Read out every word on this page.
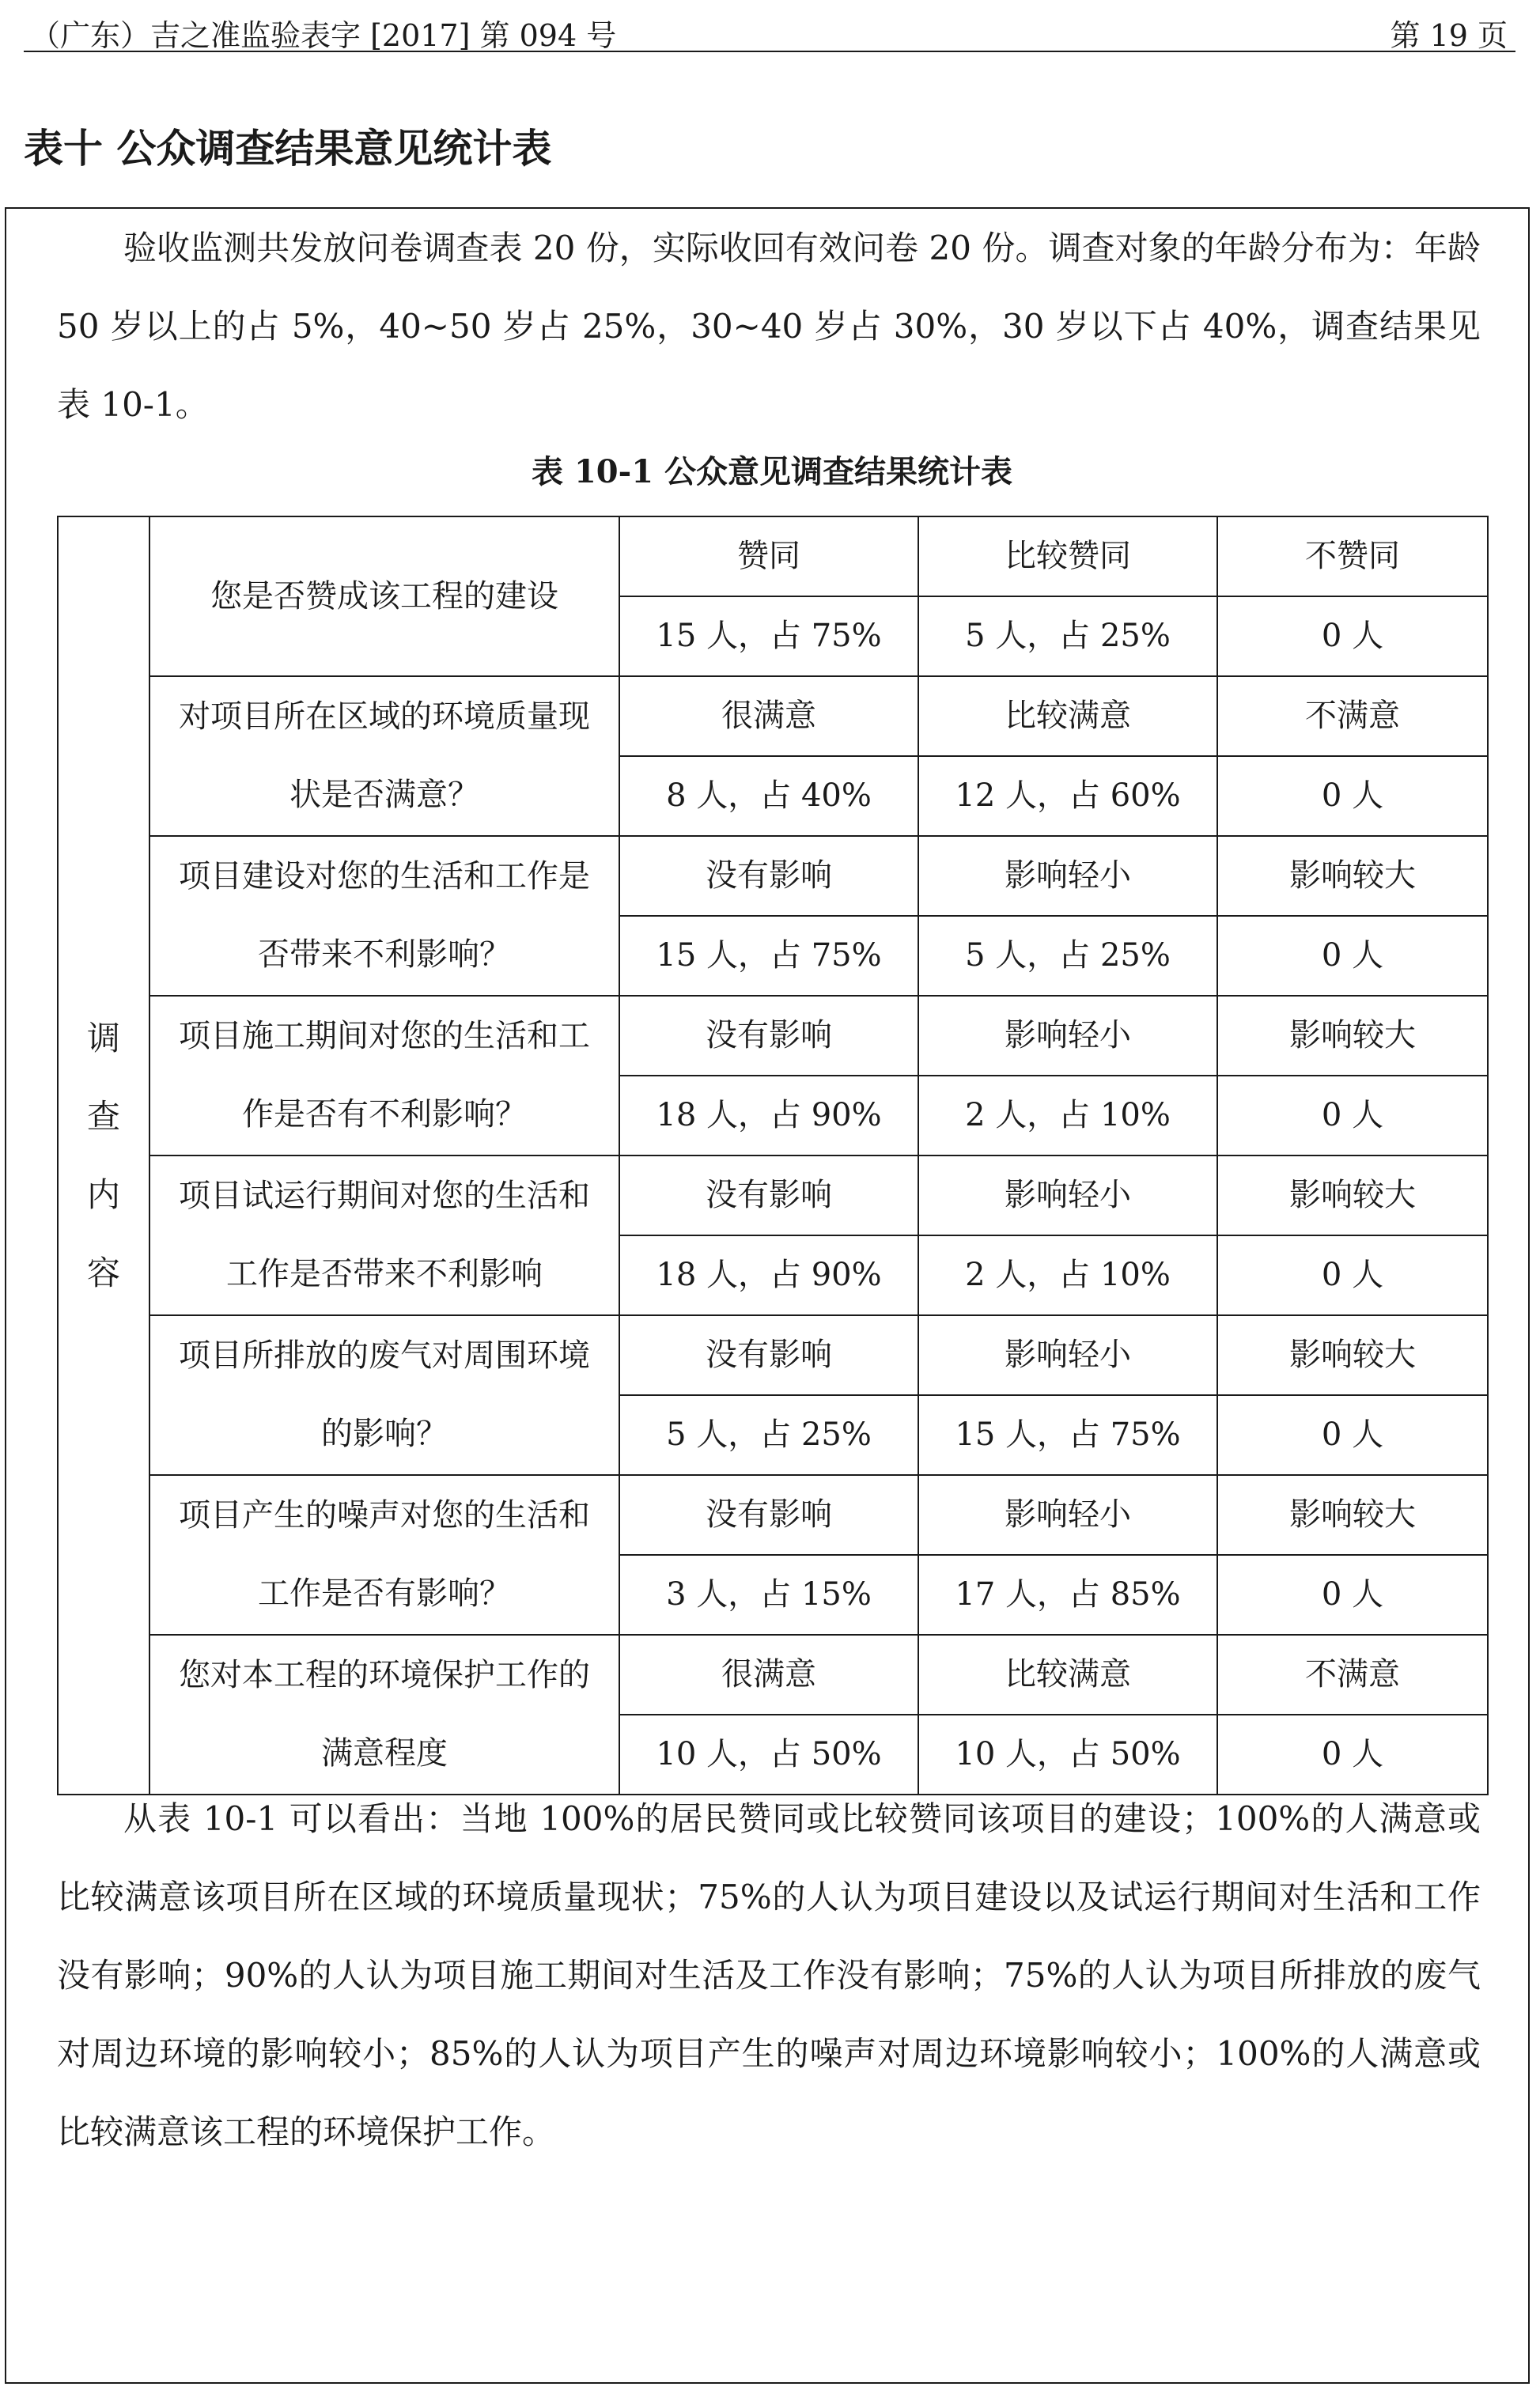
（广东）吉之准监验表字 [2017] 第 094 号	第 19 页
表十 公众调查结果意见统计表
验收监测共发放问卷调查表 20 份，实际收回有效问卷 20 份。调查对象的年龄分布为：年龄 50 岁以上的占 5%，40~50 岁占 25%，30~40 岁占 30%，30 岁以下占 40%，调查结果见表 10-1。
表 10-1 公众意见调查结果统计表
调
查
内
容	您是否赞成该工程的建设	赞同	比较赞同	不赞同
		15 人，占 75%	5 人，占 25%	0 人
	对项目所在区域的环境质量现状是否满意？	很满意	比较满意	不满意
		8 人，占 40%	12 人，占 60%	0 人
	项目建设对您的生活和工作是否带来不利影响？	没有影响	影响轻小	影响较大
		15 人，占 75%	5 人，占 25%	0 人
	项目施工期间对您的生活和工作是否有不利影响？	没有影响	影响轻小	影响较大
		18 人，占 90%	2 人，占 10%	0 人
	项目试运行期间对您的生活和工作是否带来不利影响	没有影响	影响轻小	影响较大
		18 人，占 90%	2 人，占 10%	0 人
	项目所排放的废气对周围环境的影响？	没有影响	影响轻小	影响较大
		5 人，占 25%	15 人，占 75%	0 人
	项目产生的噪声对您的生活和工作是否有影响？	没有影响	影响轻小	影响较大
		3 人，占 15%	17 人，占 85%	0 人
	您对本工程的环境保护工作的满意程度	很满意	比较满意	不满意
		10 人，占 50%	10 人，占 50%	0 人
从表 10-1 可以看出：当地 100%的居民赞同或比较赞同该项目的建设；100%的人满意或比较满意该项目所在区域的环境质量现状；75%的人认为项目建设以及试运行期间对生活和工作没有影响；90%的人认为项目施工期间对生活及工作没有影响；75%的人认为项目所排放的废气对周边环境的影响较小；85%的人认为项目产生的噪声对周边环境影响较小；100%的人满意或比较满意该工程的环境保护工作。
